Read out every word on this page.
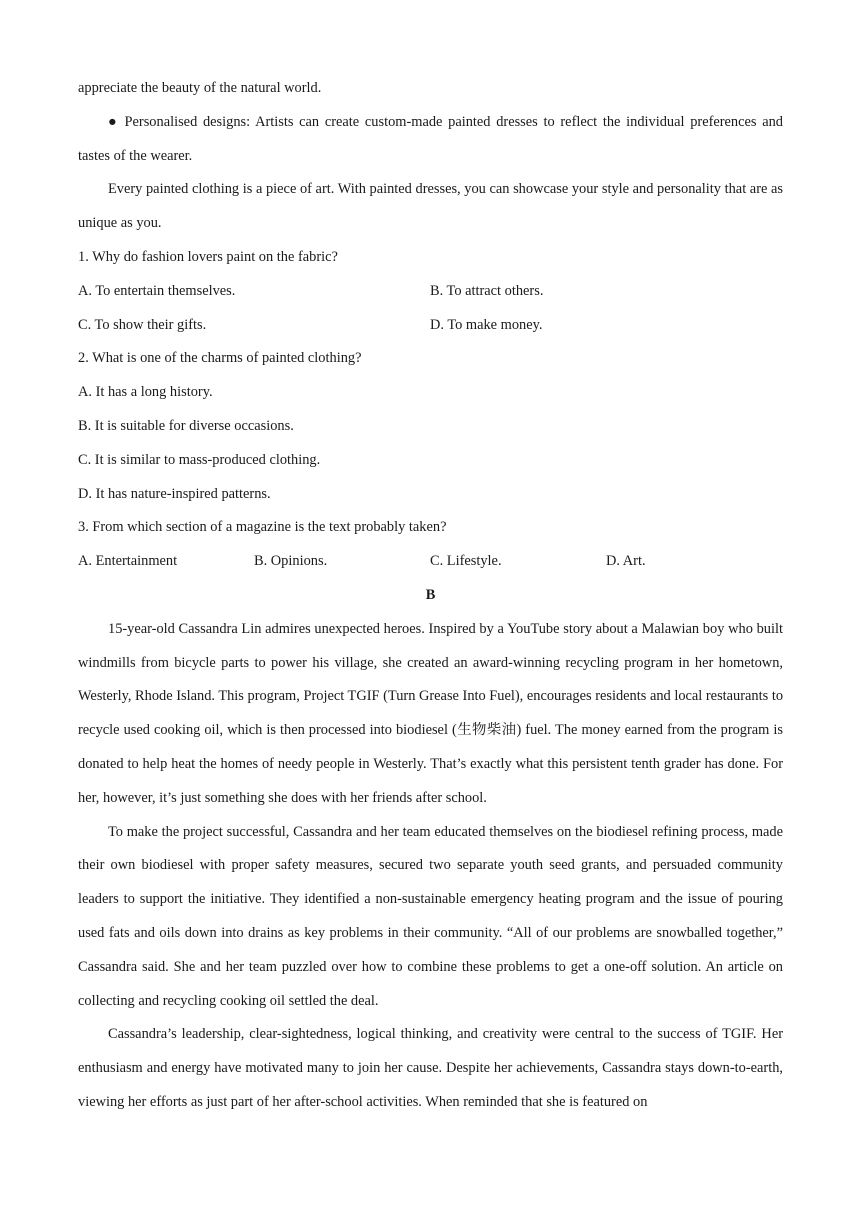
appreciate the beauty of the natural world.
● Personalised designs: Artists can create custom-made painted dresses to reflect the individual preferences and tastes of the wearer.
Every painted clothing is a piece of art. With painted dresses, you can showcase your style and personality that are as unique as you.
1. Why do fashion lovers paint on the fabric?
A. To entertain themselves.	B. To attract others.
C. To show their gifts.	D. To make money.
2. What is one of the charms of painted clothing?
A. It has a long history.
B. It is suitable for diverse occasions.
C. It is similar to mass-produced clothing.
D. It has nature-inspired patterns.
3. From which section of a magazine is the text probably taken?
A. Entertainment	B. Opinions.	C. Lifestyle.	D. Art.
B
15-year-old Cassandra Lin admires unexpected heroes. Inspired by a YouTube story about a Malawian boy who built windmills from bicycle parts to power his village, she created an award-winning recycling program in her hometown, Westerly, Rhode Island. This program, Project TGIF (Turn Grease Into Fuel), encourages residents and local restaurants to recycle used cooking oil, which is then processed into biodiesel (生物柴油) fuel. The money earned from the program is donated to help heat the homes of needy people in Westerly. That’s exactly what this persistent tenth grader has done. For her, however, it’s just something she does with her friends after school.
To make the project successful, Cassandra and her team educated themselves on the biodiesel refining process, made their own biodiesel with proper safety measures, secured two separate youth seed grants, and persuaded community leaders to support the initiative. They identified a non-sustainable emergency heating program and the issue of pouring used fats and oils down into drains as key problems in their community. “All of our problems are snowballed together,” Cassandra said. She and her team puzzled over how to combine these problems to get a one-off solution. An article on collecting and recycling cooking oil settled the deal.
Cassandra’s leadership, clear-sightedness, logical thinking, and creativity were central to the success of TGIF. Her enthusiasm and energy have motivated many to join her cause. Despite her achievements, Cassandra stays down-to-earth, viewing her efforts as just part of her after-school activities. When reminded that she is featured on
